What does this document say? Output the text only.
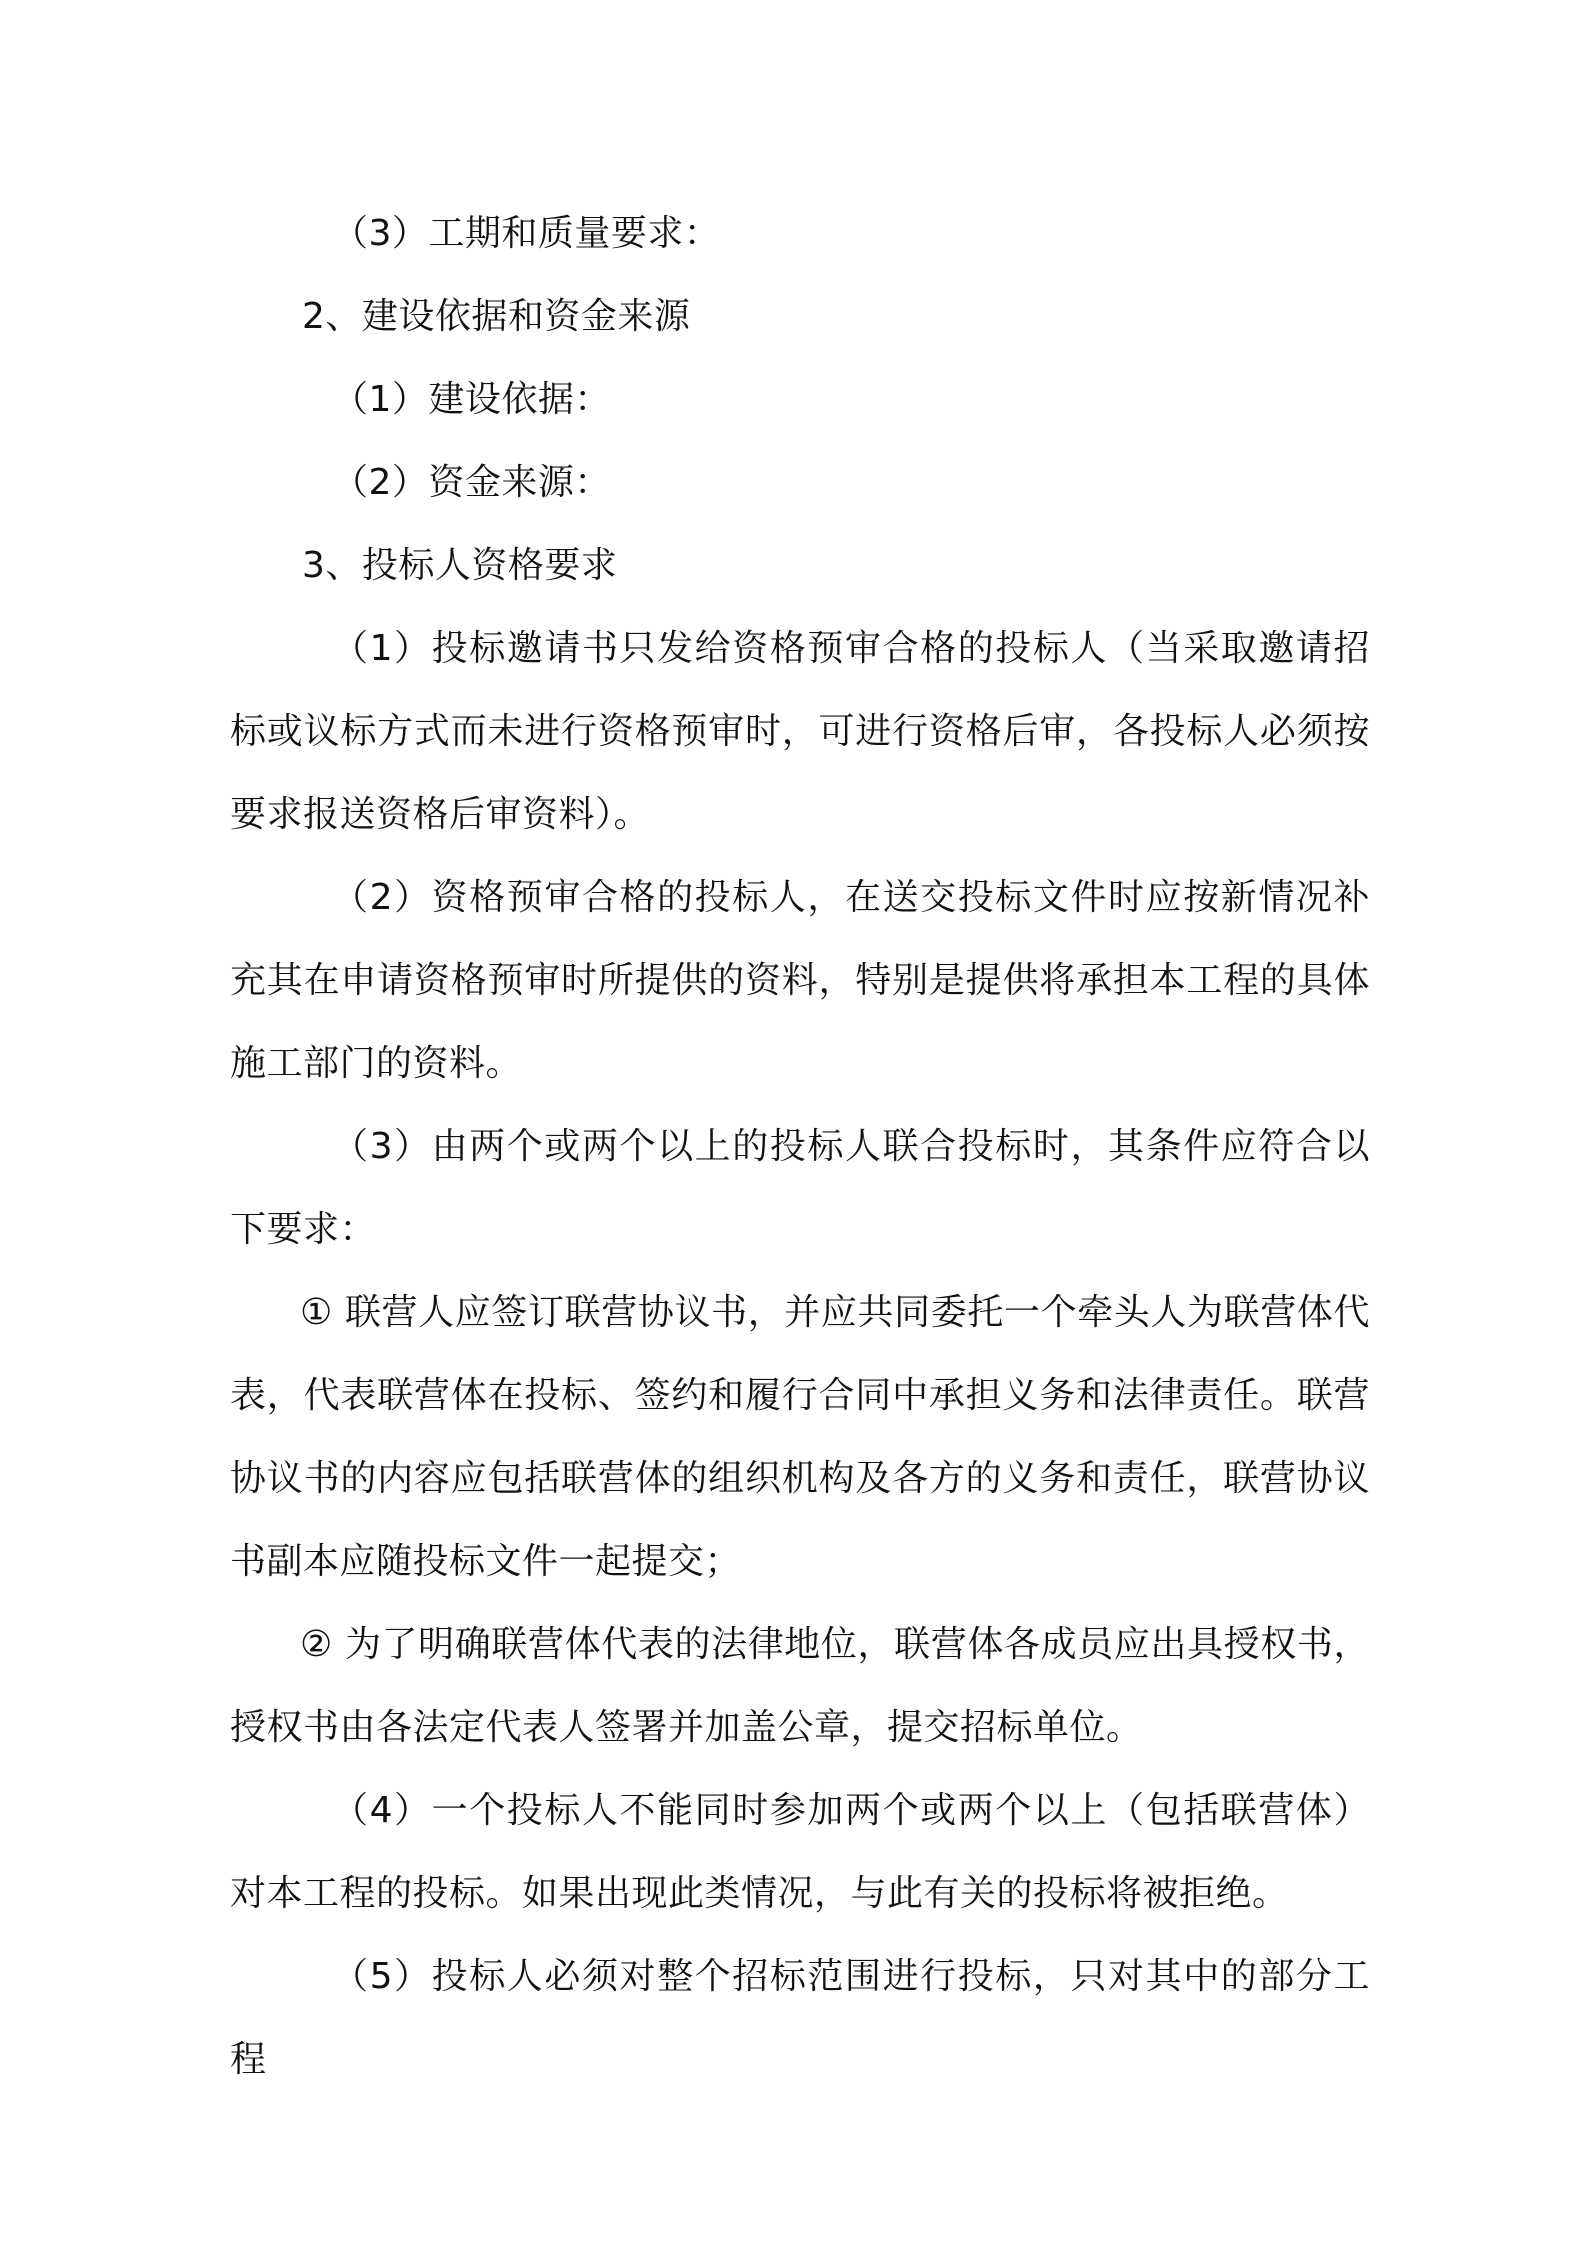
（3）工期和质量要求：

2、建设依据和资金来源

（1）建设依据：

（2）资金来源：

3、投标人资格要求

（1）投标邀请书只发给资格预审合格的投标人（当采取邀请招标或议标方式而未进行资格预审时，可进行资格后审，各投标人必须按要求报送资格后审资料）。

（2）资格预审合格的投标人，在送交投标文件时应按新情况补充其在申请资格预审时所提供的资料，特别是提供将承担本工程的具体施工部门的资料。

（3）由两个或两个以上的投标人联合投标时，其条件应符合以下要求：

① 联营人应签订联营协议书，并应共同委托一个牵头人为联营体代表，代表联营体在投标、签约和履行合同中承担义务和法律责任。联营协议书的内容应包括联营体的组织机构及各方的义务和责任，联营协议书副本应随投标文件一起提交；

② 为了明确联营体代表的法律地位，联营体各成员应出具授权书，授权书由各法定代表人签署并加盖公章，提交招标单位。

（4）一个投标人不能同时参加两个或两个以上（包括联营体）对本工程的投标。如果出现此类情况，与此有关的投标将被拒绝。

（5）投标人必须对整个招标范围进行投标，只对其中的部分工程
